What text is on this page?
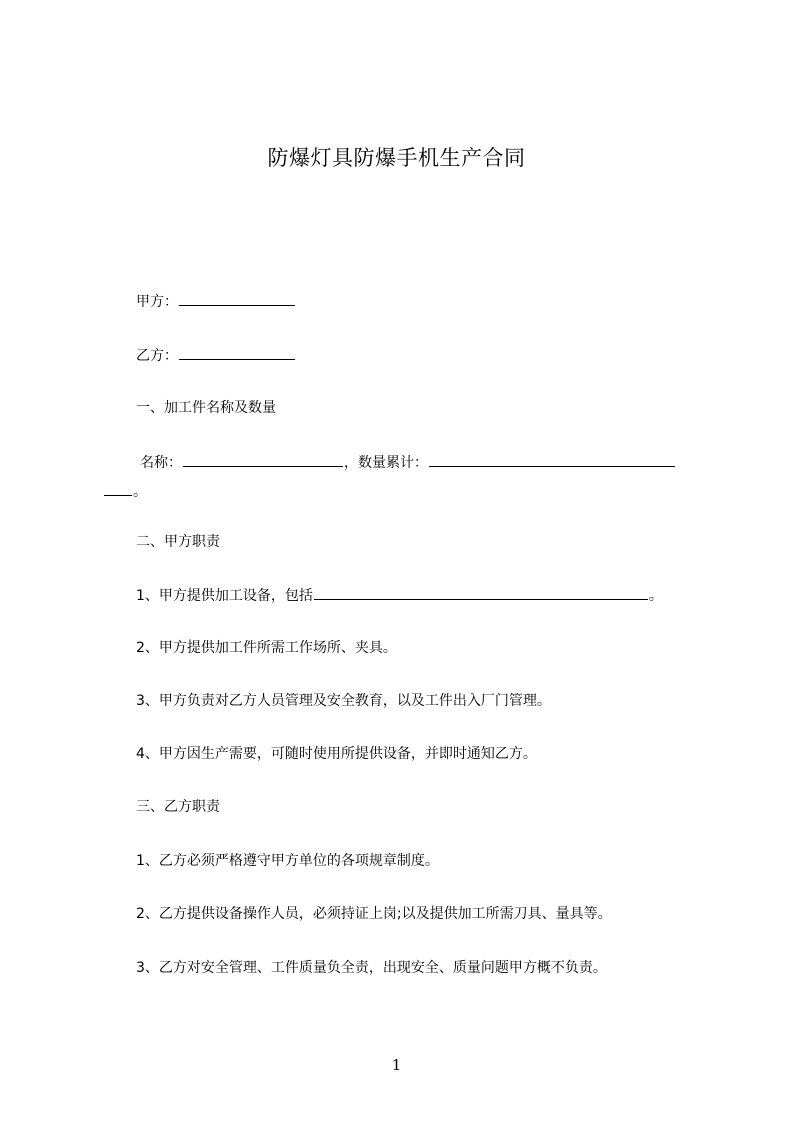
防爆灯具防爆手机生产合同
甲方：
乙方：
一、加工件名称及数量
名称：	，数量累计：
。
二、甲方职责
1、甲方提供加工设备，包括	。
2、甲方提供加工件所需工作场所、夹具。
3、甲方负责对乙方人员管理及安全教育，以及工件出入厂门管理。
4、甲方因生产需要，可随时使用所提供设备，并即时通知乙方。
三、乙方职责
1、乙方必须严格遵守甲方单位的各项规章制度。
2、乙方提供设备操作人员，必须持证上岗;以及提供加工所需刀具、量具等。
3、乙方对安全管理、工件质量负全责，出现安全、质量问题甲方概不负责。
1
